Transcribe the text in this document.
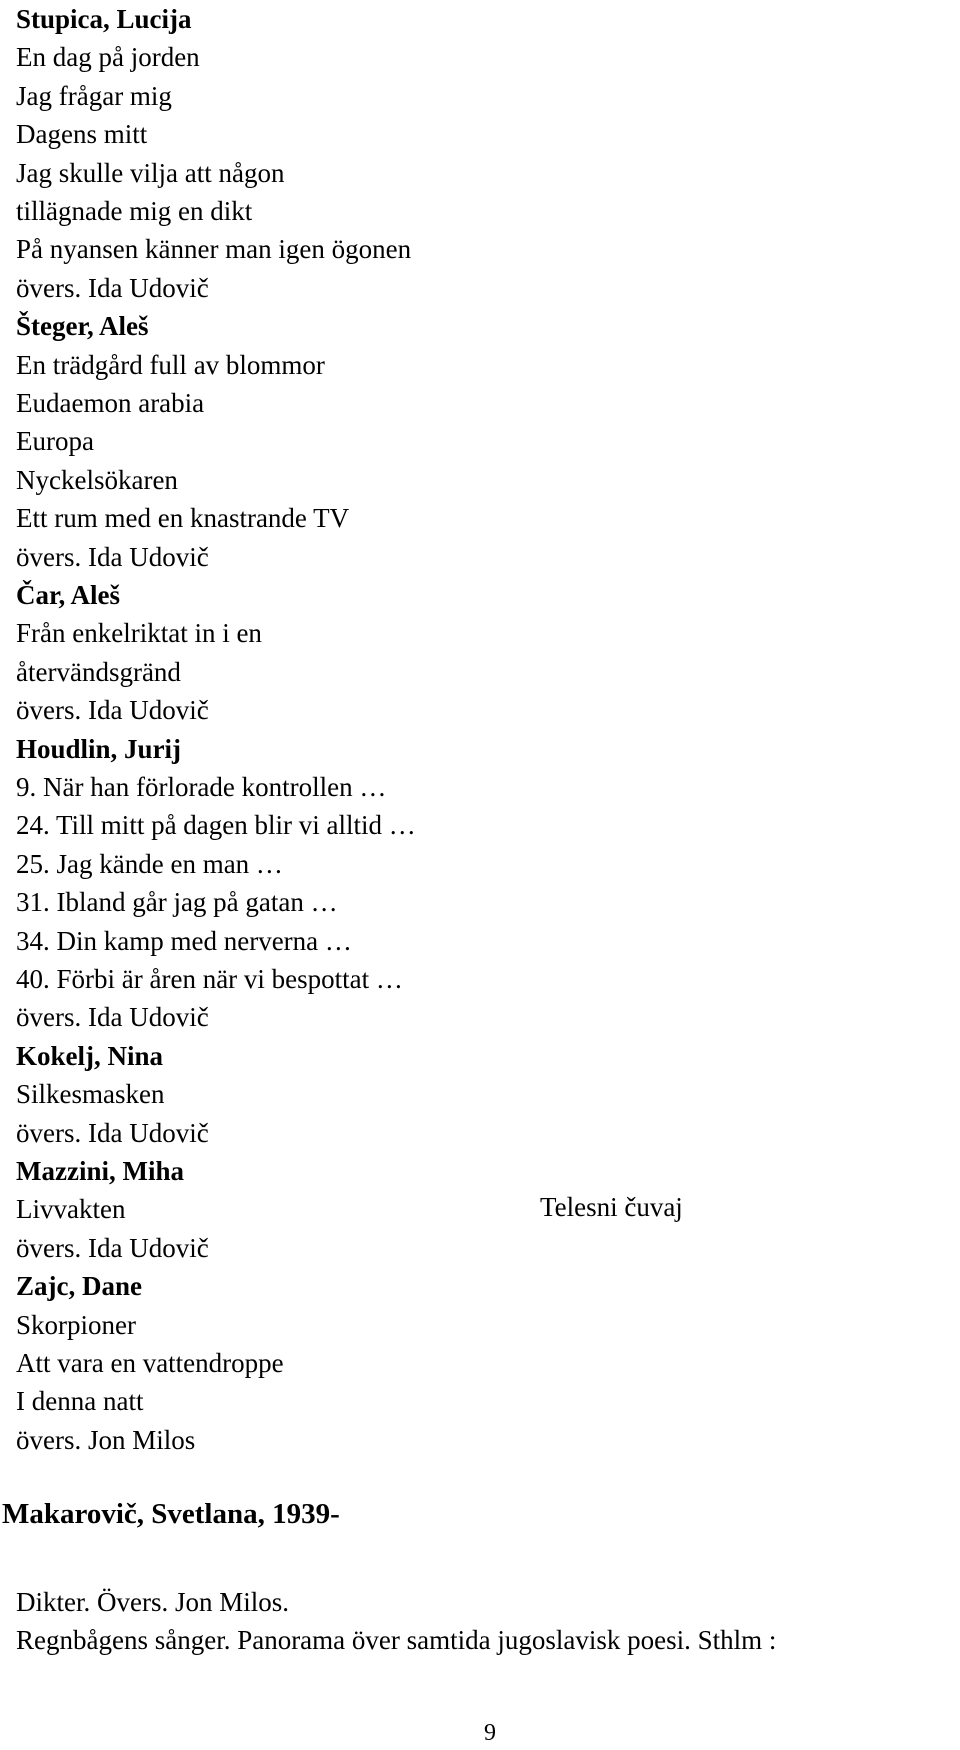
Stupica, Lucija
En dag på jorden
Jag frågar mig
Dagens mitt
Jag skulle vilja att någon
tillägnade mig en dikt
På nyansen känner man igen ögonen
övers. Ida Udovič
Šteger, Aleš
En trädgård full av blommor
Eudaemon arabia
Europa
Nyckelsökaren
Ett rum med en knastrande TV
övers. Ida Udovič
Čar, Aleš
Från enkelriktat in i en
återvändsgränd
övers. Ida Udovič
Houdlin, Jurij
9. När han förlorade kontrollen …
24. Till mitt på dagen blir vi alltid …
25. Jag kände en man …
31. Ibland går jag på gatan …
34. Din kamp med nerverna …
40. Förbi är åren när vi bespottat …
övers. Ida Udovič
Kokelj, Nina
Silkesmasken
övers. Ida Udovič
Mazzini, Miha
Livvakten
övers. Ida Udovič
Zajc, Dane
Skorpioner
Att vara en vattendroppe
I denna natt
övers. Jon Milos
Telesni čuvaj
Makarovič, Svetlana, 1939-
Dikter. Övers. Jon Milos.
Regnbågens sånger. Panorama över samtida jugoslavisk poesi. Sthlm :
9
